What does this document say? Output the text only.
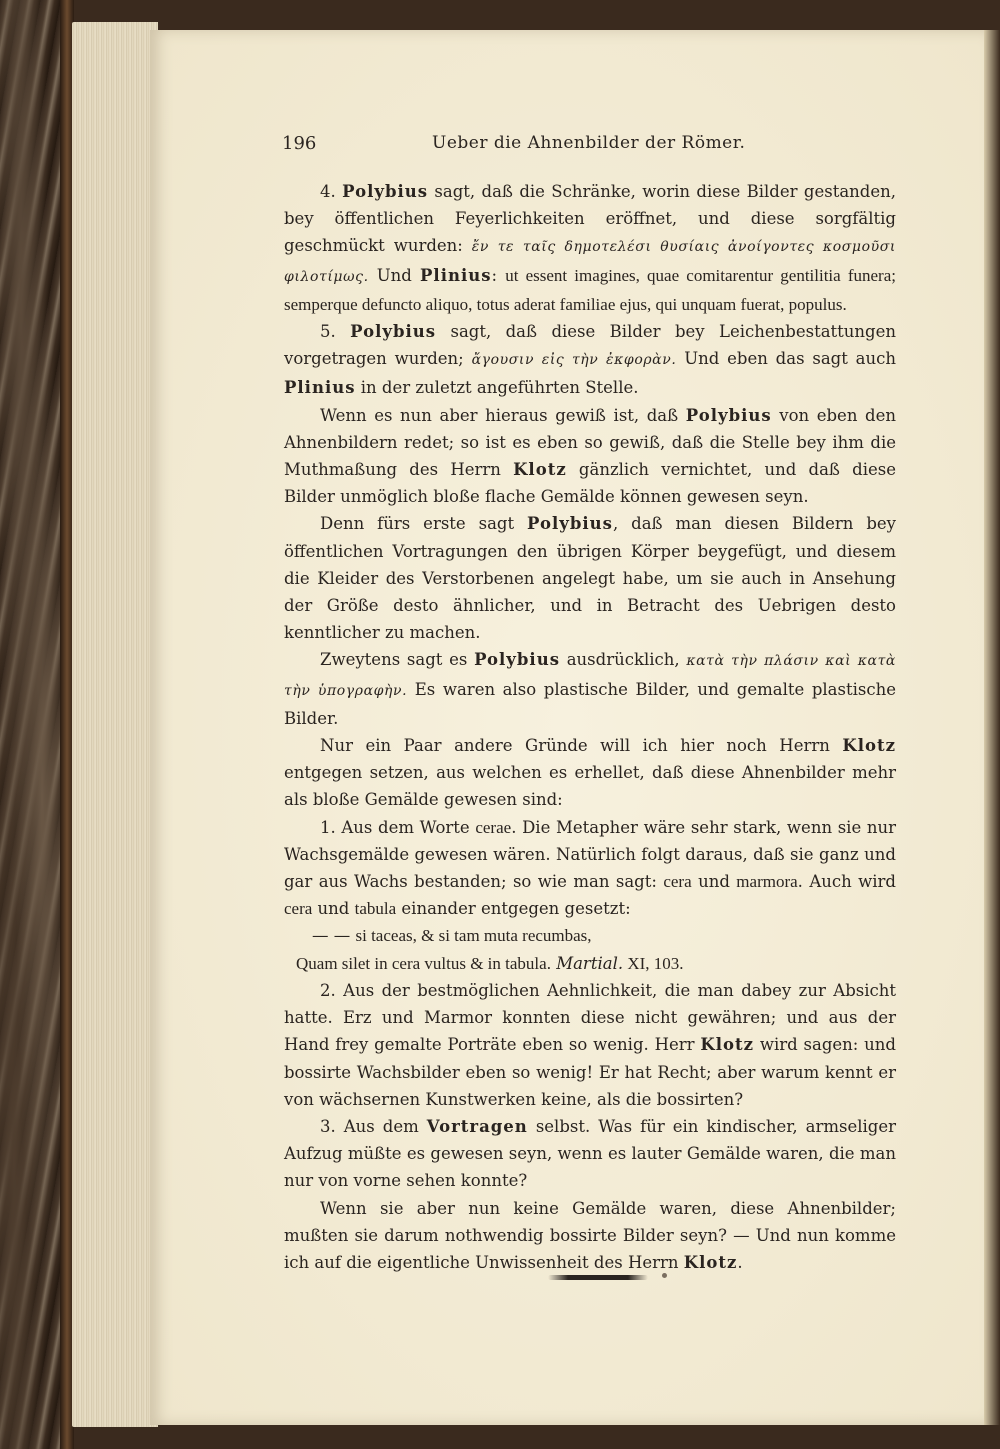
196	Ueber die Ahnenbilder der Römer.

4. Polybius sagt, daß die Schränke, worin diese Bilder gestanden, bey öffentlichen Feyerlichkeiten eröffnet, und diese sorgfältig geschmückt wurden: ἔν τε ταῖς δημοτελέσι θυσίαις ἀνοίγοντες κοσμοῦσι φιλοτίμως. Und Plinius: ut essent imagines, quae comitarentur gentilitia funera; semperque defuncto aliquo, totus aderat familiae ejus, qui unquam fuerat, populus.

5. Polybius sagt, daß diese Bilder bey Leichenbestattungen vorgetragen wurden; ἄγουσιν εἰς τὴν ἐκφορὰν. Und eben das sagt auch Plinius in der zuletzt angeführten Stelle.

Wenn es nun aber hieraus gewiß ist, daß Polybius von eben den Ahnenbildern redet; so ist es eben so gewiß, daß die Stelle bey ihm die Muthmaßung des Herrn Klotz gänzlich vernichtet, und daß diese Bilder unmöglich bloße flache Gemälde können gewesen seyn.

Denn fürs erste sagt Polybius, daß man diesen Bildern bey öffentlichen Vortragungen den übrigen Körper beygefügt, und diesem die Kleider des Verstorbenen angelegt habe, um sie auch in Ansehung der Größe desto ähnlicher, und in Betracht des Uebrigen desto kenntlicher zu machen.

Zweytens sagt es Polybius ausdrücklich, κατὰ τὴν πλάσιν καὶ κατὰ τὴν ὑπογραφὴν. Es waren also plastische Bilder, und gemalte plastische Bilder.

Nur ein Paar andere Gründe will ich hier noch Herrn Klotz entgegen setzen, aus welchen es erhellet, daß diese Ahnenbilder mehr als bloße Gemälde gewesen sind:

1. Aus dem Worte cerae. Die Metapher wäre sehr stark, wenn sie nur Wachsgemälde gewesen wären. Natürlich folgt daraus, daß sie ganz und gar aus Wachs bestanden; so wie man sagt: cera und marmora. Auch wird cera und tabula einander entgegen gesetzt:

— — si taceas, & si tam muta recumbas,

Quam silet in cera vultus & in tabula. Martial. XI, 103.

2. Aus der bestmöglichen Aehnlichkeit, die man dabey zur Absicht hatte. Erz und Marmor konnten diese nicht gewähren; und aus der Hand frey gemalte Porträte eben so wenig. Herr Klotz wird sagen: und bossirte Wachsbilder eben so wenig! Er hat Recht; aber warum kennt er von wächsernen Kunstwerken keine, als die bossirten?

3. Aus dem Vortragen selbst. Was für ein kindischer, armseliger Aufzug müßte es gewesen seyn, wenn es lauter Gemälde waren, die man nur von vorne sehen konnte?

Wenn sie aber nun keine Gemälde waren, diese Ahnenbilder; mußten sie darum nothwendig bossirte Bilder seyn? — Und nun komme ich auf die eigentliche Unwissenheit des Herrn Klotz.
